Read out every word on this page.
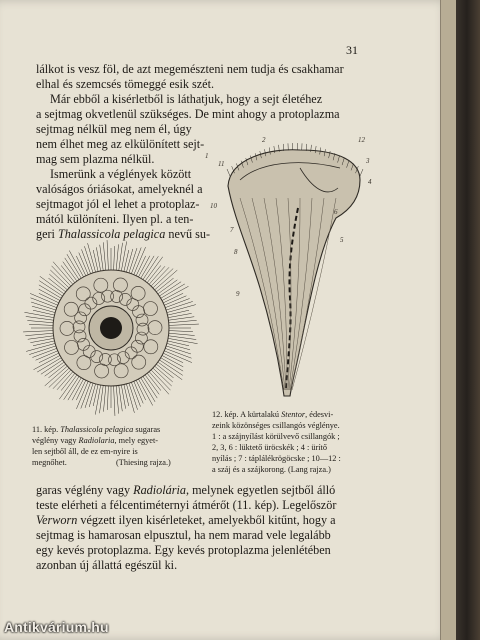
31
lálkot is vesz föl, de azt megemészteni nem tudja és csakhamar
elhal és szemcsés tömeggé esik szét.
Már ebből a kisérletből is láthatjuk, hogy a sejt életéhez
a sejtmag okvetlenül szükséges. De mint ahogy a protoplazma
sejtmag nélkül meg nem él, úgy
nem élhet meg az elkülönített sejt-
mag sem plazma nélkül.
Ismerünk a véglények között
valóságos óriásokat, amelyeknél a
sejtmagot jól el lehet a protoplaz-
mától különíteni. Ilyen pl. a ten-
geri Thalassicola pelagica nevű su-
1
2
3
4
5
6
7
8
9
10
11
12
11. kép. Thalassicola pelagica sugaras
véglény vagy Radiolaria, mely egyet-
len sejtből áll, de ez em-nyire is
megnőhet.	(Thiesing rajza.)
12. kép. A kürtalakú Stentor, édesvi-
zeink közönséges csillangós véglénye.
1 : a szájnyílást körülvevő csillangók ;
2, 3, 6 : lüktető üröcskék ; 4 : ürítő
nyílás ; 7 : táplálékrögöcske ; 10—12 :
a száj és a szájkorong. (Lang rajza.)
garas véglény vagy Radiolária, melynek egyetlen sejtből álló
teste elérheti a félcentiméternyi átmérőt (11. kép). Legelőször
Verworn végzett ilyen kisérleteket, amelyekből kitűnt, hogy a
sejtmag is hamarosan elpusztul, ha nem marad vele legalább
egy kevés protoplazma. Egy kevés protoplazma jelenlétében
azonban új állattá egészül ki.
Antikvárium.hu
